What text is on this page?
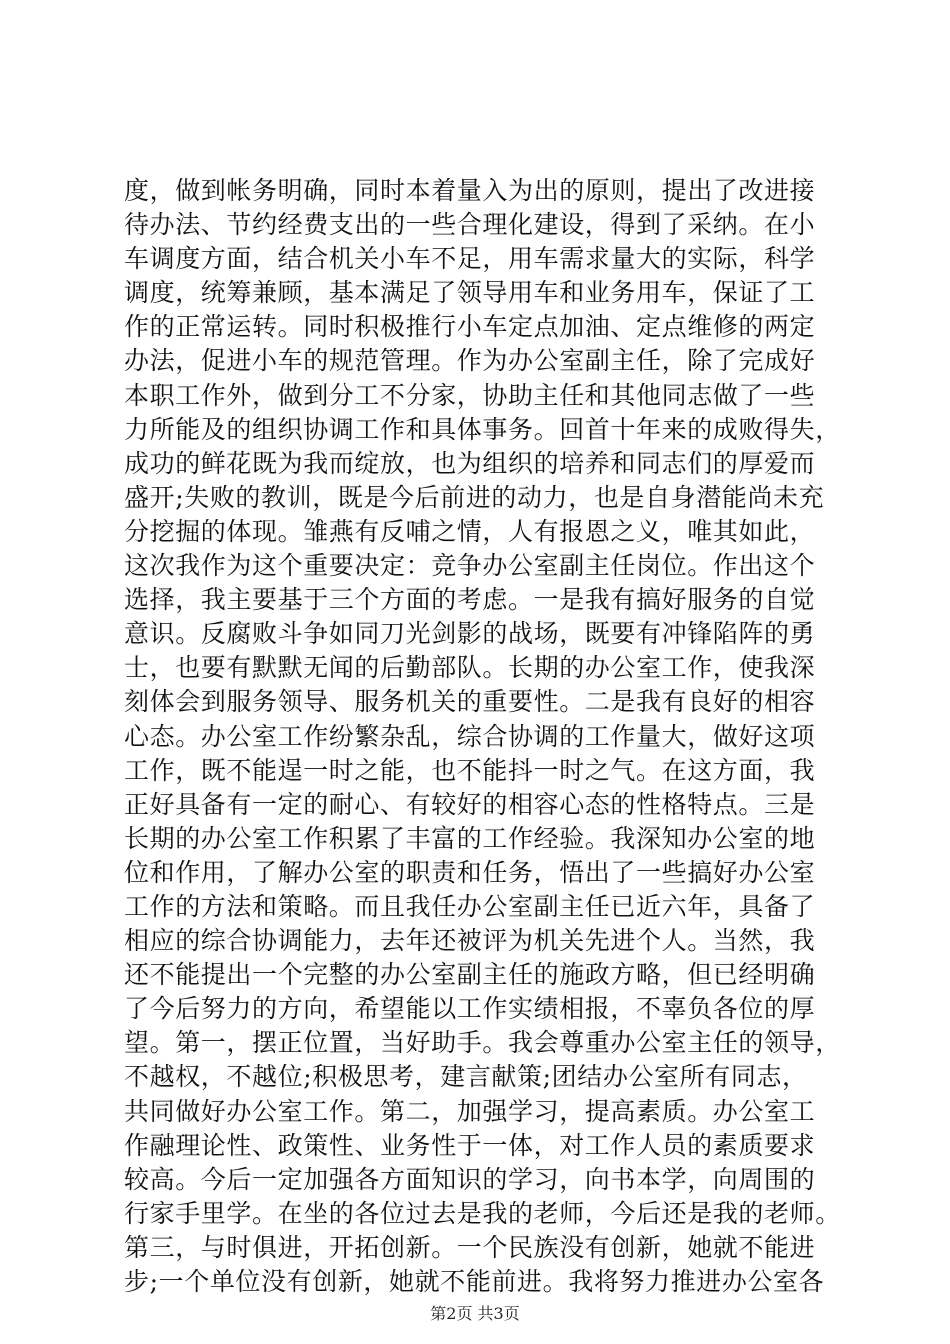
度，做到帐务明确，同时本着量入为出的原则，提出了改进接
待办法、节约经费支出的一些合理化建设，得到了采纳。在小
车调度方面，结合机关小车不足，用车需求量大的实际，科学
调度，统筹兼顾，基本满足了领导用车和业务用车，保证了工
作的正常运转。同时积极推行小车定点加油、定点维修的两定
办法，促进小车的规范管理。作为办公室副主任，除了完成好
本职工作外，做到分工不分家，协助主任和其他同志做了一些
力所能及的组织协调工作和具体事务。回首十年来的成败得失，
成功的鲜花既为我而绽放，也为组织的培养和同志们的厚爱而
盛开;失败的教训，既是今后前进的动力，也是自身潜能尚未充
分挖掘的体现。雏燕有反哺之情，人有报恩之义，唯其如此，
这次我作为这个重要决定：竞争办公室副主任岗位。作出这个
选择，我主要基于三个方面的考虑。一是我有搞好服务的自觉
意识。反腐败斗争如同刀光剑影的战场，既要有冲锋陷阵的勇
士，也要有默默无闻的后勤部队。长期的办公室工作，使我深
刻体会到服务领导、服务机关的重要性。二是我有良好的相容
心态。办公室工作纷繁杂乱，综合协调的工作量大，做好这项
工作，既不能逞一时之能，也不能抖一时之气。在这方面，我
正好具备有一定的耐心、有较好的相容心态的性格特点。三是
长期的办公室工作积累了丰富的工作经验。我深知办公室的地
位和作用，了解办公室的职责和任务，悟出了一些搞好办公室
工作的方法和策略。而且我任办公室副主任已近六年，具备了
相应的综合协调能力，去年还被评为机关先进个人。当然，我
还不能提出一个完整的办公室副主任的施政方略，但已经明确
了今后努力的方向，希望能以工作实绩相报，不辜负各位的厚
望。第一，摆正位置，当好助手。我会尊重办公室主任的领导，
不越权，不越位;积极思考，建言献策;团结办公室所有同志，
共同做好办公室工作。第二，加强学习，提高素质。办公室工
作融理论性、政策性、业务性于一体，对工作人员的素质要求
较高。今后一定加强各方面知识的学习，向书本学，向周围的
行家手里学。在坐的各位过去是我的老师，今后还是我的老师。
第三，与时俱进，开拓创新。一个民族没有创新，她就不能进
步;一个单位没有创新，她就不能前进。我将努力推进办公室各
第2页 共3页
